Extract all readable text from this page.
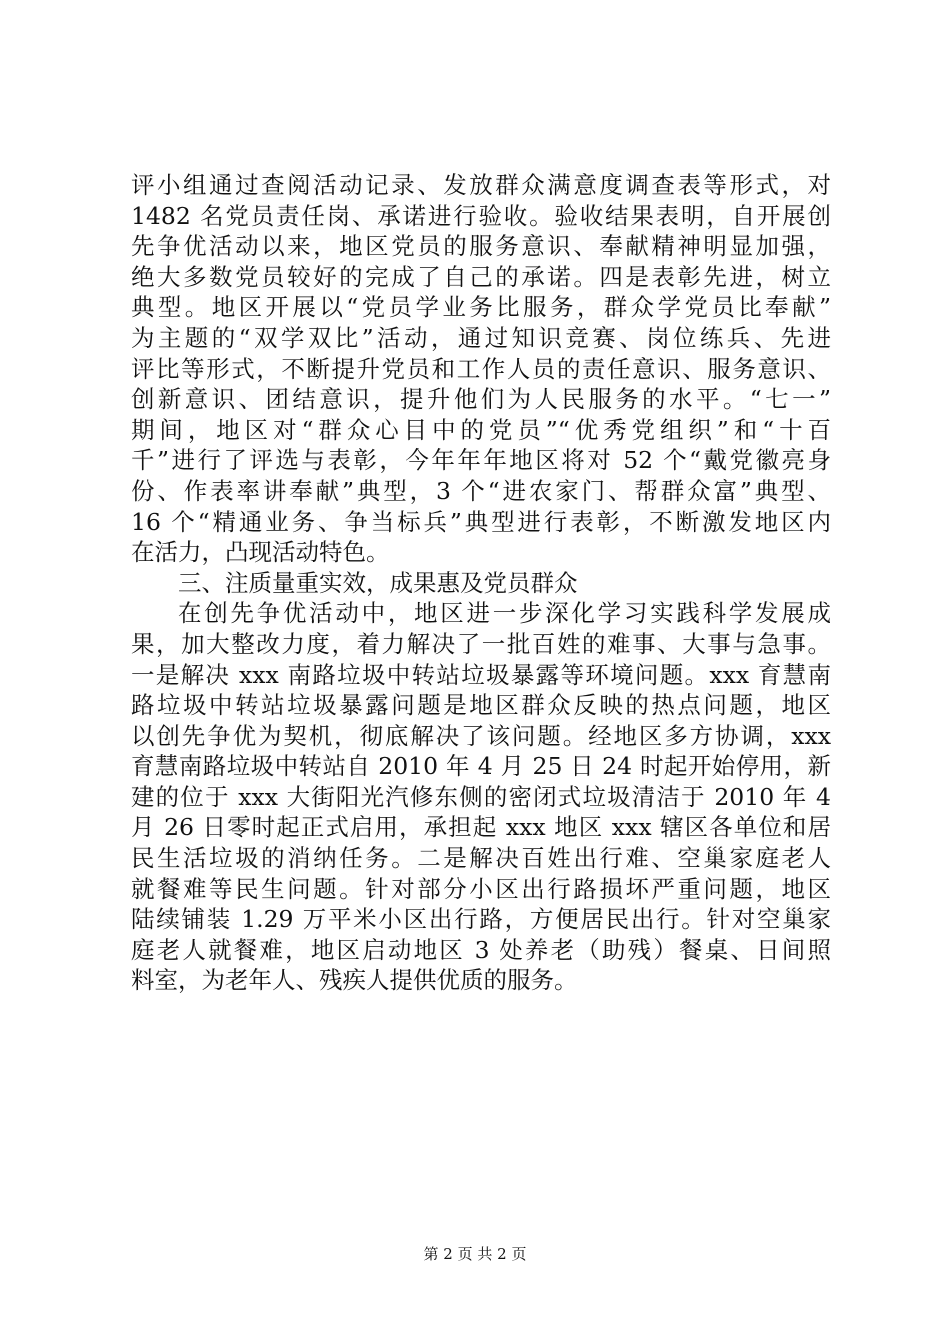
评小组通过查阅活动记录、发放群众满意度调查表等形式，对
1482 名党员责任岗、承诺进行验收。验收结果表明，自开展创
先争优活动以来，地区党员的服务意识、奉献精神明显加强，
绝大多数党员较好的完成了自己的承诺。四是表彰先进，树立
典型。地区开展以“党员学业务比服务，群众学党员比奉献”
为主题的“双学双比”活动，通过知识竞赛、岗位练兵、先进
评比等形式，不断提升党员和工作人员的责任意识、服务意识、
创新意识、团结意识，提升他们为人民服务的水平。“七一”
期间，地区对“群众心目中的党员”“优秀党组织”和“十百
千”进行了评选与表彰，今年年年地区将对 52 个“戴党徽亮身
份、作表率讲奉献”典型，3 个“进农家门、帮群众富”典型、
16 个“精通业务、争当标兵”典型进行表彰，不断激发地区内
在活力，凸现活动特色。
三、注质量重实效，成果惠及党员群众
在创先争优活动中，地区进一步深化学习实践科学发展成
果，加大整改力度，着力解决了一批百姓的难事、大事与急事。
一是解决 xxx 南路垃圾中转站垃圾暴露等环境问题。xxx 育慧南
路垃圾中转站垃圾暴露问题是地区群众反映的热点问题，地区
以创先争优为契机，彻底解决了该问题。经地区多方协调，xxx
育慧南路垃圾中转站自 2010 年 4 月 25 日 24 时起开始停用，新
建的位于 xxx 大街阳光汽修东侧的密闭式垃圾清洁于 2010 年 4
月 26 日零时起正式启用，承担起 xxx 地区 xxx 辖区各单位和居
民生活垃圾的消纳任务。二是解决百姓出行难、空巢家庭老人
就餐难等民生问题。针对部分小区出行路损坏严重问题，地区
陆续铺装 1.29 万平米小区出行路，方便居民出行。针对空巢家
庭老人就餐难，地区启动地区 3 处养老（助残）餐桌、日间照
料室，为老年人、残疾人提供优质的服务。
第 2 页 共 2 页
